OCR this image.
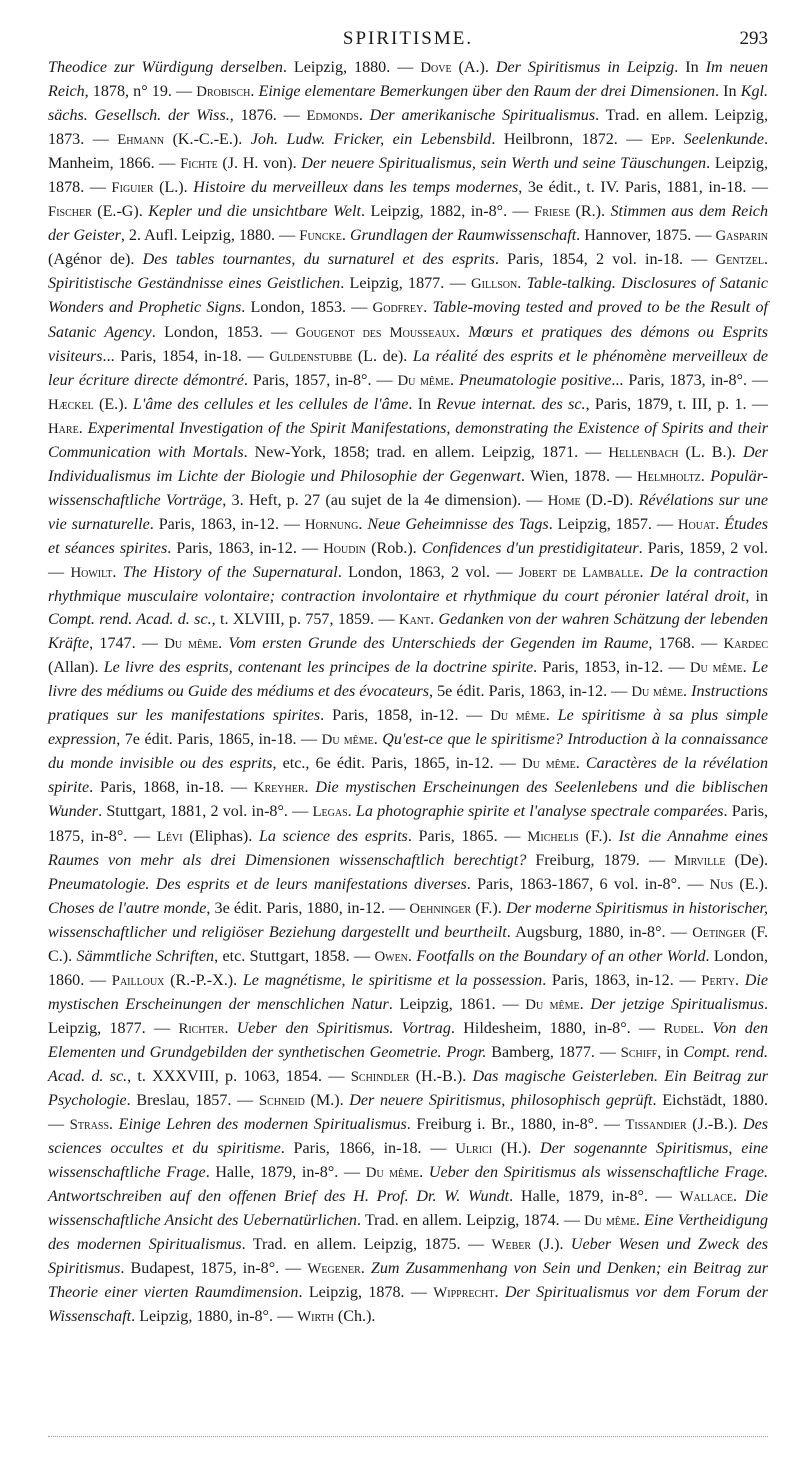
SPIRITISME.	293

Theodice zur Würdigung derselben. Leipzig, 1880. — Dove (A.). Der Spiritismus in Leipzig. In Im neuen Reich, 1878, n° 19. — Drobisch. Einige elementare Bemerkungen über den Raum der drei Dimensionen. In Kgl. sächs. Gesellsch. der Wiss., 1876. — Edmonds. Der amerikanische Spiritualismus. Trad. en allem. Leipzig, 1873. — Ehmann (K.-C.-E.). Joh. Ludw. Fricker, ein Lebensbild. Heilbronn, 1872. — Epp. Seelenkunde. Manheim, 1866. — Fichte (J. H. von). Der neuere Spiritualismus, sein Werth und seine Täuschungen. Leipzig, 1878. — Figuier (L.). Histoire du merveilleux dans les temps modernes, 3e édit., t. IV. Paris, 1881, in-18. — Fischer (E.-G). Kepler und die unsichtbare Welt. Leipzig, 1882, in-8°. — Friese (R.). Stimmen aus dem Reich der Geister, 2. Aufl. Leipzig, 1880. — Funcke. Grundlagen der Raumwissenschaft. Hannover, 1875. — Gasparin (Agénor de). Des tables tournantes, du surnaturel et des esprits. Paris, 1854, 2 vol. in-18. — Gentzel. Spiritistische Geständnisse eines Geistlichen. Leipzig, 1877. — Gillson. Table-talking. Disclosures of Satanic Wonders and Prophetic Signs. London, 1853. — Godfrey. Table-moving tested and proved to be the Result of Satanic Agency. London, 1853. — Gougenot des Mousseaux. Mœurs et pratiques des démons ou Esprits visiteurs... Paris, 1854, in-18. — Guldenstubbe (L. de). La réalité des esprits et le phénomène merveilleux de leur écriture directe démontré. Paris, 1857, in-8°. — Du même. Pneumatologie positive... Paris, 1873, in-8°. — Hæckel (E.). L'âme des cellules et les cellules de l'âme. In Revue internat. des sc., Paris, 1879, t. III, p. 1. — Hare. Experimental Investigation of the Spirit Manifestations, demonstrating the Existence of Spirits and their Communication with Mortals. New-York, 1858; trad. en allem. Leipzig, 1871. — Hellenbach (L. B.). Der Individualismus im Lichte der Biologie und Philosophie der Gegenwart. Wien, 1878. — Helmholtz. Populär-wissenschaftliche Vorträge, 3. Heft, p. 27 (au sujet de la 4e dimension). — Home (D.-D). Révélations sur une vie surnaturelle. Paris, 1863, in-12. — Hornung. Neue Geheimnisse des Tags. Leipzig, 1857. — Houat. Études et séances spirites. Paris, 1863, in-12. — Houdin (Rob.). Confidences d'un prestidigitateur. Paris, 1859, 2 vol. — Howilt. The History of the Supernatural. London, 1863, 2 vol. — Jobert de Lamballe. De la contraction rhythmique musculaire volontaire; contraction involontaire et rhythmique du court péronier latéral droit, in Compt. rend. Acad. d. sc., t. XLVIII, p. 757, 1859. — Kant. Gedanken von der wahren Schätzung der lebenden Kräfte, 1747. — Du même. Vom ersten Grunde des Unterschieds der Gegenden im Raume, 1768. — Kardec (Allan). Le livre des esprits, contenant les principes de la doctrine spirite. Paris, 1853, in-12. — Du même. Le livre des médiums ou Guide des médiums et des évocateurs, 5e édit. Paris, 1863, in-12. — Du même. Instructions pratiques sur les manifestations spirites. Paris, 1858, in-12. — Du même. Le spiritisme à sa plus simple expression, 7e édit. Paris, 1865, in-18. — Du même. Qu'est-ce que le spiritisme? Introduction à la connaissance du monde invisible ou des esprits, etc., 6e édit. Paris, 1865, in-12. — Du même. Caractères de la révélation spirite. Paris, 1868, in-18. — Kreyher. Die mystischen Erscheinungen des Seelenlebens und die biblischen Wunder. Stuttgart, 1881, 2 vol. in-8°. — Legas. La photographie spirite et l'analyse spectrale comparées. Paris, 1875, in-8°. — Lévi (Eliphas). La science des esprits. Paris, 1865. — Michelis (F.). Ist die Annahme eines Raumes von mehr als drei Dimensionen wissenschaftlich berechtigt? Freiburg, 1879. — Mirville (De). Pneumatologie. Des esprits et de leurs manifestations diverses. Paris, 1863-1867, 6 vol. in-8°. — Nus (E.). Choses de l'autre monde, 3e édit. Paris, 1880, in-12. — Oehninger (F.). Der moderne Spiritismus in historischer, wissenschaftlicher und religiöser Beziehung dargestellt und beurtheilt. Augsburg, 1880, in-8°. — Oetinger (F. C.). Sämmtliche Schriften, etc. Stuttgart, 1858. — Owen. Footfalls on the Boundary of an other World. London, 1860. — Pailloux (R.-P.-X.). Le magnétisme, le spiritisme et la possession. Paris, 1863, in-12. — Perty. Die mystischen Erscheinungen der menschlichen Natur. Leipzig, 1861. — Du même. Der jetzige Spiritualismus. Leipzig, 1877. — Richter. Ueber den Spiritismus. Vortrag. Hildesheim, 1880, in-8°. — Rudel. Von den Elementen und Grundgebilden der synthetischen Geometrie. Progr. Bamberg, 1877. — Schiff, in Compt. rend. Acad. d. sc., t. XXXVIII, p. 1063, 1854. — Schindler (H.-B.). Das magische Geisterleben. Ein Beitrag zur Psychologie. Breslau, 1857. — Schneid (M.). Der neuere Spiritismus, philosophisch geprüft. Eichstädt, 1880. — Strass. Einige Lehren des modernen Spiritualismus. Freiburg i. Br., 1880, in-8°. — Tissandier (J.-B.). Des sciences occultes et du spiritisme. Paris, 1866, in-18. — Ulrici (H.). Der sogenannte Spiritismus, eine wissenschaftliche Frage. Halle, 1879, in-8°. — Du même. Ueber den Spiritismus als wissenschaftliche Frage. Antwortschreiben auf den offenen Brief des H. Prof. Dr. W. Wundt. Halle, 1879, in-8°. — Wallace. Die wissenschaftliche Ansicht des Uebernatürlichen. Trad. en allem. Leipzig, 1874. — Du même. Eine Vertheidigung des modernen Spiritualismus. Trad. en allem. Leipzig, 1875. — Weber (J.). Ueber Wesen und Zweck des Spiritismus. Budapest, 1875, in-8°. — Wegener. Zum Zusammenhang von Sein und Denken; ein Beitrag zur Theorie einer vierten Raumdimension. Leipzig, 1878. — Wipprecht. Der Spiritualismus vor dem Forum der Wissenschaft. Leipzig, 1880, in-8°. — Wirth (Ch.).
